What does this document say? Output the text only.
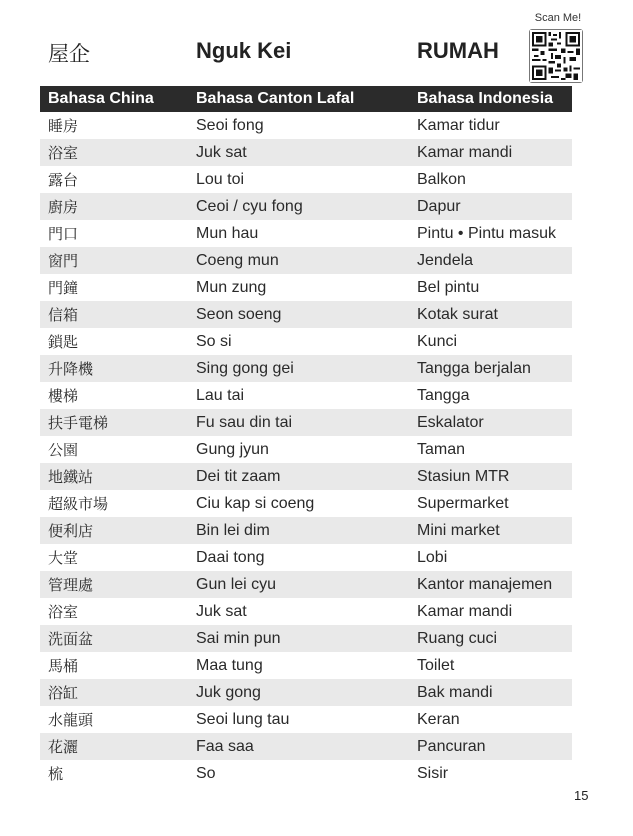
Scan Me!
屋企	Nguk Kei	RUMAH
Bahasa China	Bahasa Canton Lafal	Bahasa Indonesia
睡房	Seoi fong	Kamar tidur
浴室	Juk sat	Kamar mandi
露台	Lou toi	Balkon
廚房	Ceoi / cyu fong	Dapur
門口	Mun hau	Pintu • Pintu masuk
窗門	Coeng mun	Jendela
門鐘	Mun zung	Bel pintu
信箱	Seon soeng	Kotak surat
鎖匙	So si	Kunci
升降機	Sing gong gei	Tangga berjalan
樓梯	Lau tai	Tangga
扶手電梯	Fu sau din tai	Eskalator
公園	Gung jyun	Taman
地鐵站	Dei tit zaam	Stasiun MTR
超級市場	Ciu kap si coeng	Supermarket
便利店	Bin lei dim	Mini market
大堂	Daai tong	Lobi
管理處	Gun lei cyu	Kantor manajemen
浴室	Juk sat	Kamar mandi
洗面盆	Sai min pun	Ruang cuci
馬桶	Maa tung	Toilet
浴缸	Juk gong	Bak mandi
水龍頭	Seoi lung tau	Keran
花灑	Faa saa	Pancuran
梳	So	Sisir
15
